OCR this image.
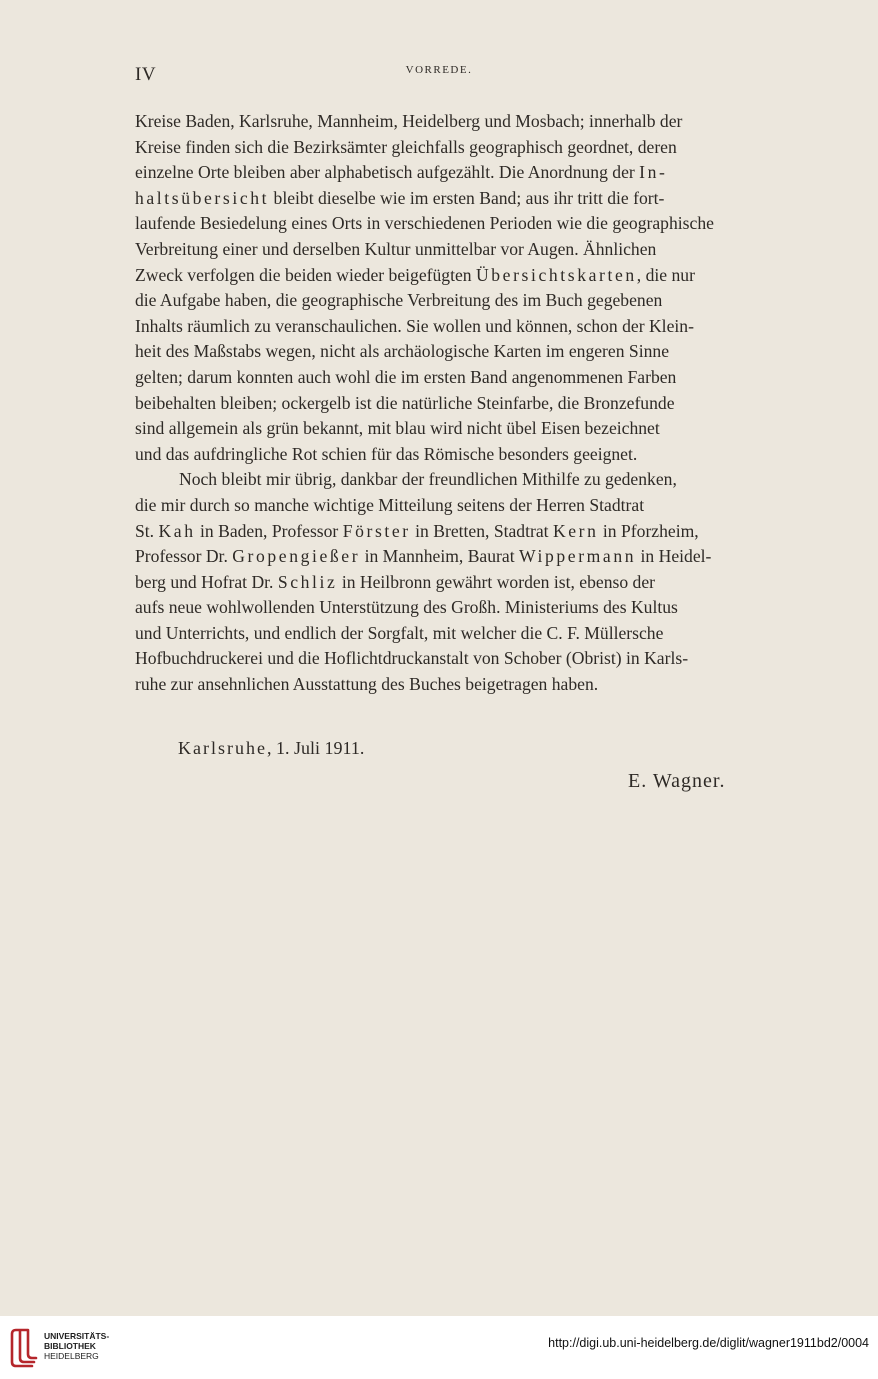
IV	VORREDE.
Kreise Baden, Karlsruhe, Mannheim, Heidelberg und Mosbach; innerhalb der
Kreise finden sich die Bezirksämter gleichfalls geographisch geordnet, deren
einzelne Orte bleiben aber alphabetisch aufgezählt. Die Anordnung der In-
haltsübersicht bleibt dieselbe wie im ersten Band; aus ihr tritt die fort-
laufende Besiedelung eines Orts in verschiedenen Perioden wie die geographische
Verbreitung einer und derselben Kultur unmittelbar vor Augen. Ähnlichen
Zweck verfolgen die beiden wieder beigefügten Übersichtskarten, die nur
die Aufgabe haben, die geographische Verbreitung des im Buch gegebenen
Inhalts räumlich zu veranschaulichen. Sie wollen und können, schon der Klein-
heit des Maßstabs wegen, nicht als archäologische Karten im engeren Sinne
gelten; darum konnten auch wohl die im ersten Band angenommenen Farben
beibehalten bleiben; ockergelb ist die natürliche Steinfarbe, die Bronzefunde
sind allgemein als grün bekannt, mit blau wird nicht übel Eisen bezeichnet
und das aufdringliche Rot schien für das Römische besonders geeignet.
Noch bleibt mir übrig, dankbar der freundlichen Mithilfe zu gedenken,
die mir durch so manche wichtige Mitteilung seitens der Herren Stadtrat
St. Kah in Baden, Professor Förster in Bretten, Stadtrat Kern in Pforzheim,
Professor Dr. Gropengießer in Mannheim, Baurat Wippermann in Heidel-
berg und Hofrat Dr. Schliz in Heilbronn gewährt worden ist, ebenso der
aufs neue wohlwollenden Unterstützung des Großh. Ministeriums des Kultus
und Unterrichts, und endlich der Sorgfalt, mit welcher die C. F. Müllersche
Hofbuchdruckerei und die Hoflichtdruckanstalt von Schober (Obrist) in Karls-
ruhe zur ansehnlichen Ausstattung des Buches beigetragen haben.
Karlsruhe, 1. Juli 1911.
E. Wagner.
UNIVERSITÄTS-
BIBLIOTHEK
HEIDELBERG
http://digi.ub.uni-heidelberg.de/diglit/wagner1911bd2/0004
